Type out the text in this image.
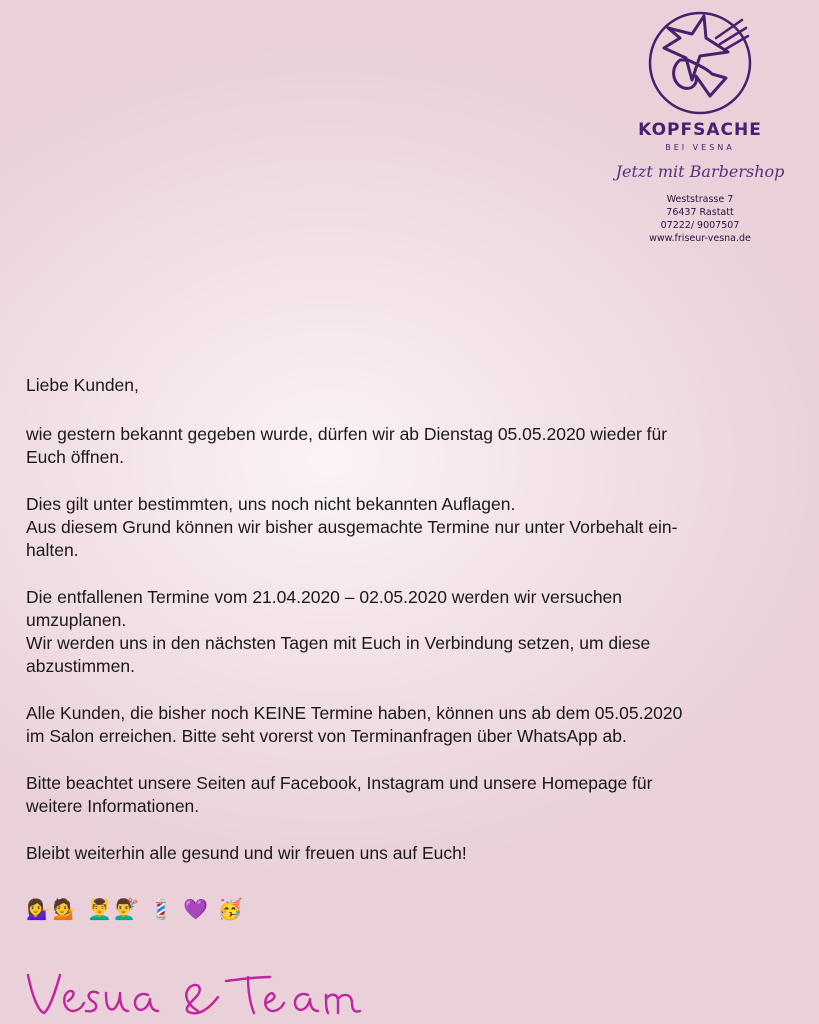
KOPFSACHE
BEI VESNA
Jetzt mit Barbershop
Weststrasse 7
76437 Rastatt
07222/ 9007507
www.friseur-vesna.de

Liebe Kunden,

wie gestern bekannt gegeben wurde, dürfen wir ab Dienstag 05.05.2020 wieder für
Euch öffnen.

Dies gilt unter bestimmten, uns noch nicht bekannten Auflagen.
Aus diesem Grund können wir bisher ausgemachte Termine nur unter Vorbehalt ein-
halten.

Die entfallenen Termine vom 21.04.2020 – 02.05.2020 werden wir versuchen
umzuplanen.
Wir werden uns in den nächsten Tagen mit Euch in Verbindung setzen, um diese
abzustimmen.

Alle Kunden, die bisher noch KEINE Termine haben, können uns ab dem 05.05.2020
im Salon erreichen. Bitte seht vorerst von Terminanfragen über WhatsApp ab.

Bitte beachtet unsere Seiten auf Facebook, Instagram und unsere Homepage für
weitere Informationen.

Bleibt weiterhin alle gesund und wir freuen uns auf Euch!

💁‍♀️💁 💆‍♂️💇‍♂️ 💈 💜 🥳
